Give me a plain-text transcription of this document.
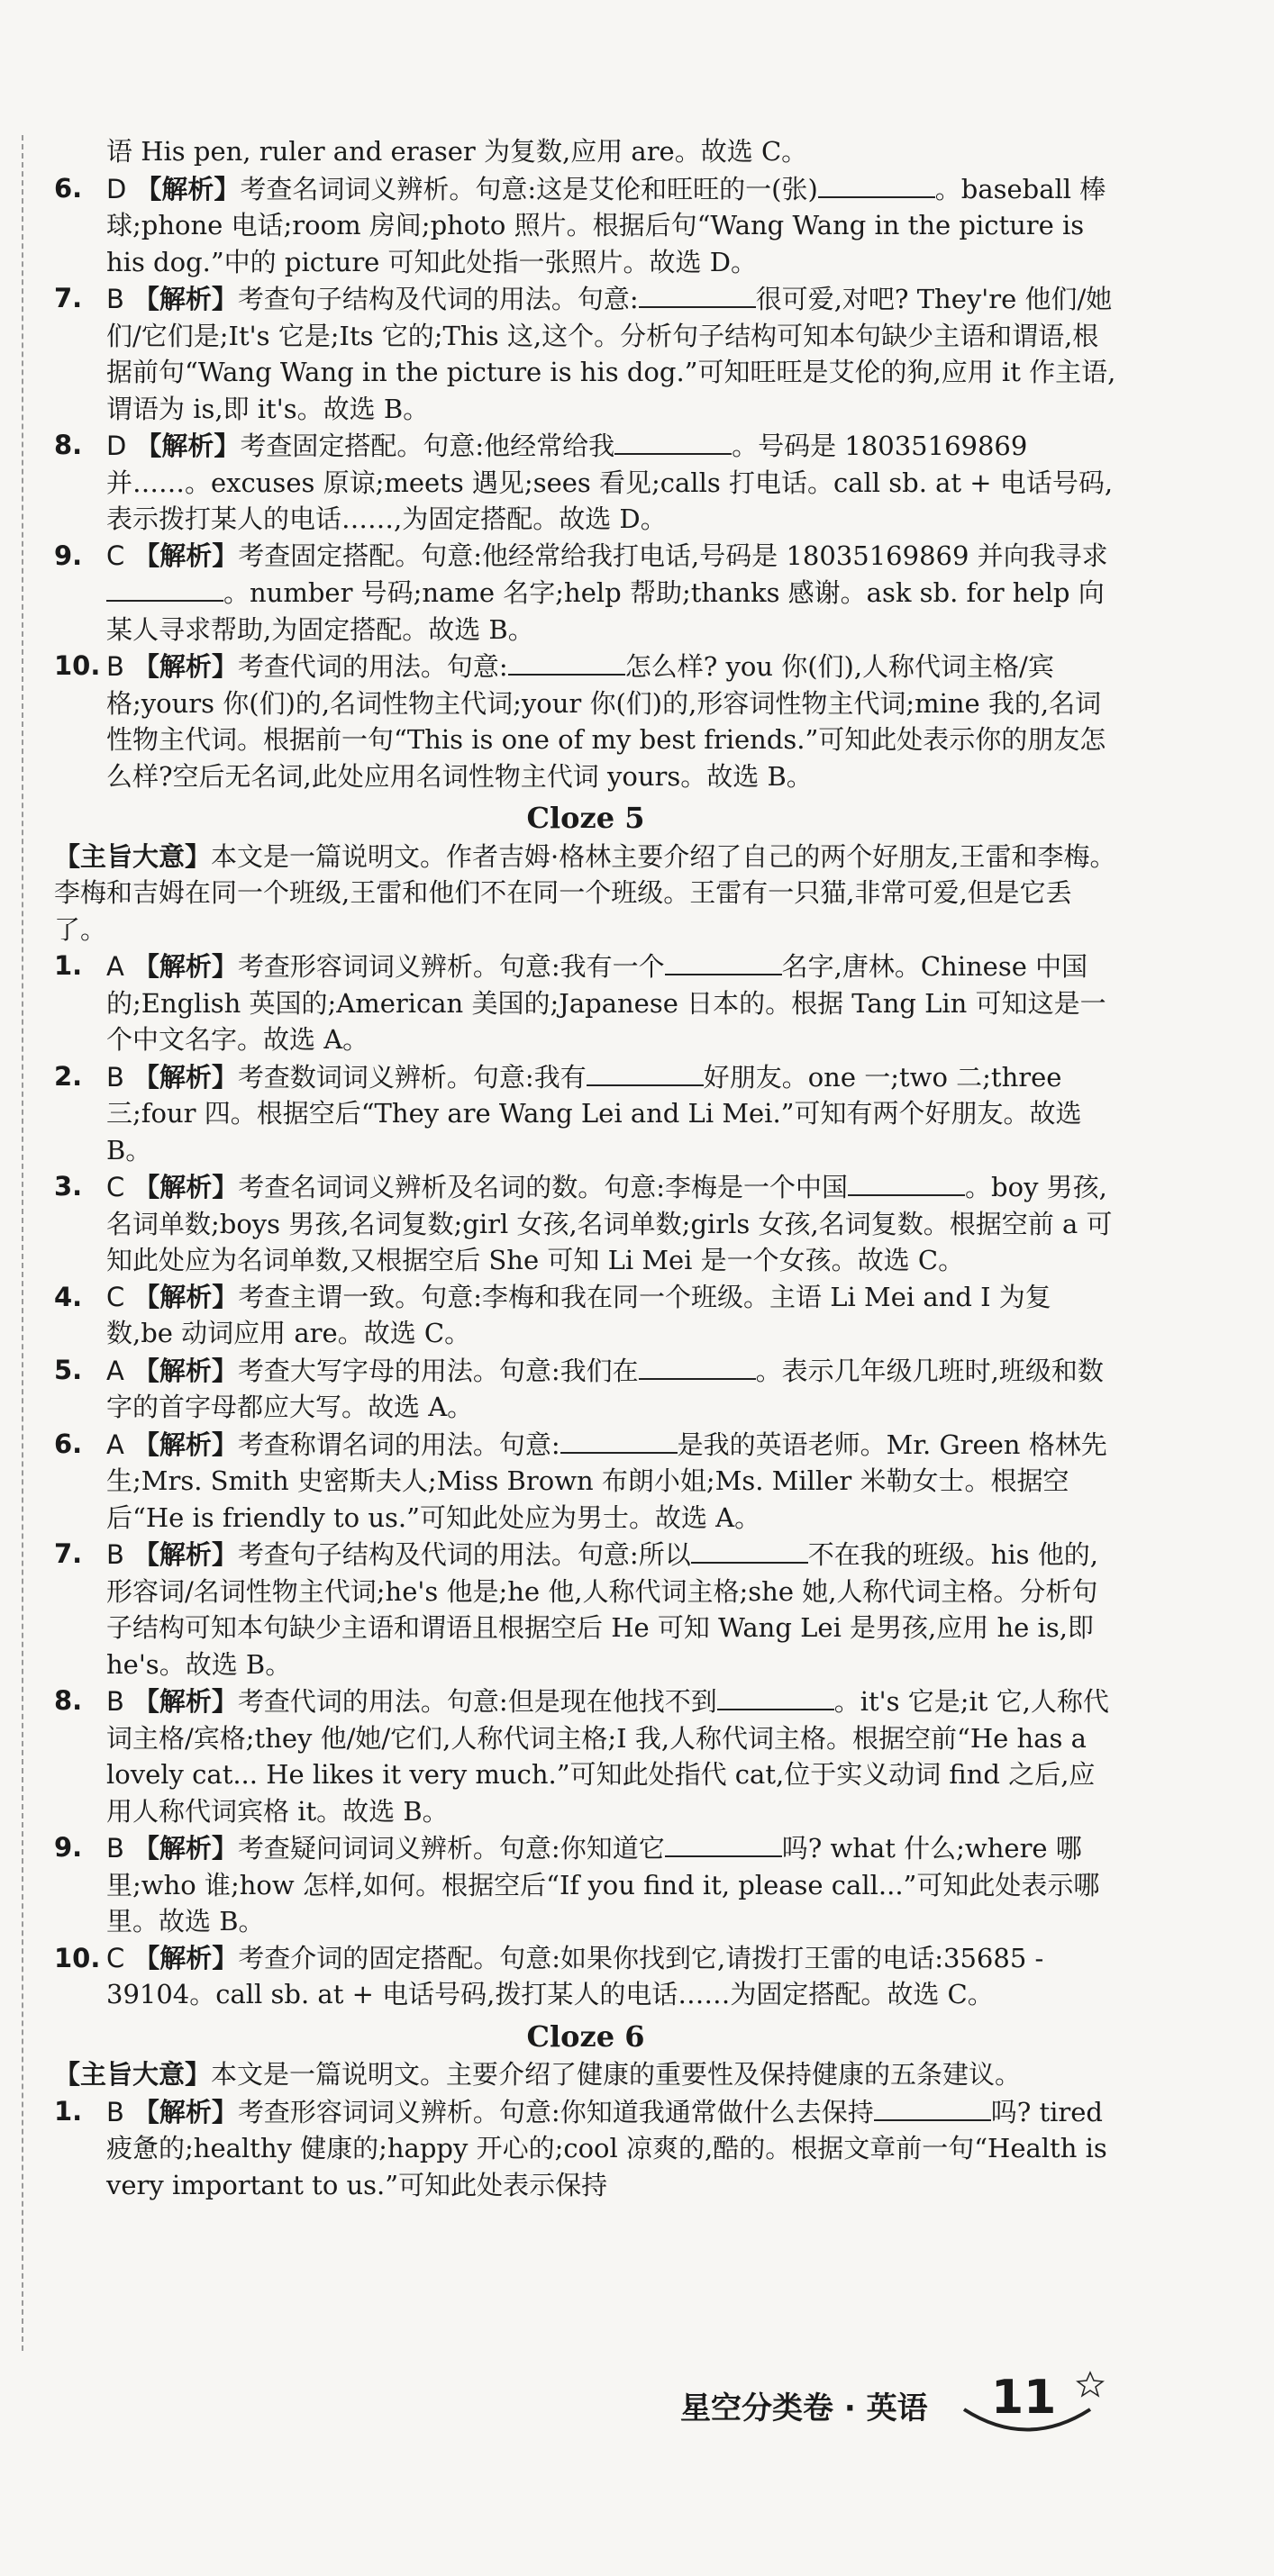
语 His pen, ruler and eraser 为复数,应用 are。故选 C。
6. D 【解析】考查名词词义辨析。句意:这是艾伦和旺旺的一(张)	。baseball 棒球;phone 电话;room 房间;photo 照片。根据后句“Wang Wang in the picture is his dog.”中的 picture 可知此处指一张照片。故选 D。
7. B 【解析】考查句子结构及代词的用法。句意:	很可爱,对吧? They're 他们/她们/它们是;It's 它是;Its 它的;This 这,这个。分析句子结构可知本句缺少主语和谓语,根据前句“Wang Wang in the picture is his dog.”可知旺旺是艾伦的狗,应用 it 作主语,谓语为 is,即 it's。故选 B。
8. D 【解析】考查固定搭配。句意:他经常给我	。号码是 18035169869 并……。excuses 原谅;meets 遇见;sees 看见;calls 打电话。call sb. at + 电话号码,表示拨打某人的电话……,为固定搭配。故选 D。
9. C 【解析】考查固定搭配。句意:他经常给我打电话,号码是 18035169869 并向我寻求。number 号码;name 名字;help 帮助;thanks 感谢。ask sb. for help 向某人寻求帮助,为固定搭配。故选 B。
10. B 【解析】考查代词的用法。句意:	怎么样? you 你(们),人称代词主格/宾格;yours 你(们)的,名词性物主代词;your 你(们)的,形容词性物主代词;mine 我的,名词性物主代词。根据前一句“This is one of my best friends.”可知此处表示你的朋友怎么样?空后无名词,此处应用名词性物主代词 yours。故选 B。
Cloze 5
【主旨大意】本文是一篇说明文。作者吉姆·格林主要介绍了自己的两个好朋友,王雷和李梅。李梅和吉姆在同一个班级,王雷和他们不在同一个班级。王雷有一只猫,非常可爱,但是它丢了。
1. A 【解析】考查形容词词义辨析。句意:我有一个	名字,唐林。Chinese 中国的;English 英国的;American 美国的;Japanese 日本的。根据 Tang Lin 可知这是一个中文名字。故选 A。
2. B 【解析】考查数词词义辨析。句意:我有	好朋友。one 一;two 二;three 三;four 四。根据空后“They are Wang Lei and Li Mei.”可知有两个好朋友。故选 B。
3. C 【解析】考查名词词义辨析及名词的数。句意:李梅是一个中国	。boy 男孩,名词单数;boys 男孩,名词复数;girl 女孩,名词单数;girls 女孩,名词复数。根据空前 a 可知此处应为名词单数,又根据空后 She 可知 Li Mei 是一个女孩。故选 C。
4. C 【解析】考查主谓一致。句意:李梅和我在同一个班级。主语 Li Mei and I 为复数,be 动词应用 are。故选 C。
5. A 【解析】考查大写字母的用法。句意:我们在	。表示几年级几班时,班级和数字的首字母都应大写。故选 A。
6. A 【解析】考查称谓名词的用法。句意:	是我的英语老师。Mr. Green 格林先生;Mrs. Smith 史密斯夫人;Miss Brown 布朗小姐;Ms. Miller 米勒女士。根据空后“He is friendly to us.”可知此处应为男士。故选 A。
7. B 【解析】考查句子结构及代词的用法。句意:所以	不在我的班级。his 他的,形容词/名词性物主代词;he's 他是;he 他,人称代词主格;she 她,人称代词主格。分析句子结构可知本句缺少主语和谓语且根据空后 He 可知 Wang Lei 是男孩,应用 he is,即 he's。故选 B。
8. B 【解析】考查代词的用法。句意:但是现在他找不到	。it's 它是;it 它,人称代词主格/宾格;they 他/她/它们,人称代词主格;I 我,人称代词主格。根据空前“He has a lovely cat... He likes it very much.”可知此处指代 cat,位于实义动词 find 之后,应用人称代词宾格 it。故选 B。
9. B 【解析】考查疑问词词义辨析。句意:你知道它	吗? what 什么;where 哪里;who 谁;how 怎样,如何。根据空后“If you find it, please call...”可知此处表示哪里。故选 B。
10. C 【解析】考查介词的固定搭配。句意:如果你找到它,请拨打王雷的电话:35685 - 39104。call sb. at + 电话号码,拨打某人的电话……为固定搭配。故选 C。
Cloze 6
【主旨大意】本文是一篇说明文。主要介绍了健康的重要性及保持健康的五条建议。
1. B 【解析】考查形容词词义辨析。句意:你知道我通常做什么去保持	吗? tired 疲惫的;healthy 健康的;happy 开心的;cool 凉爽的,酷的。根据文章前一句“Health is very important to us.”可知此处表示保持
星空分类卷 · 英语 11
